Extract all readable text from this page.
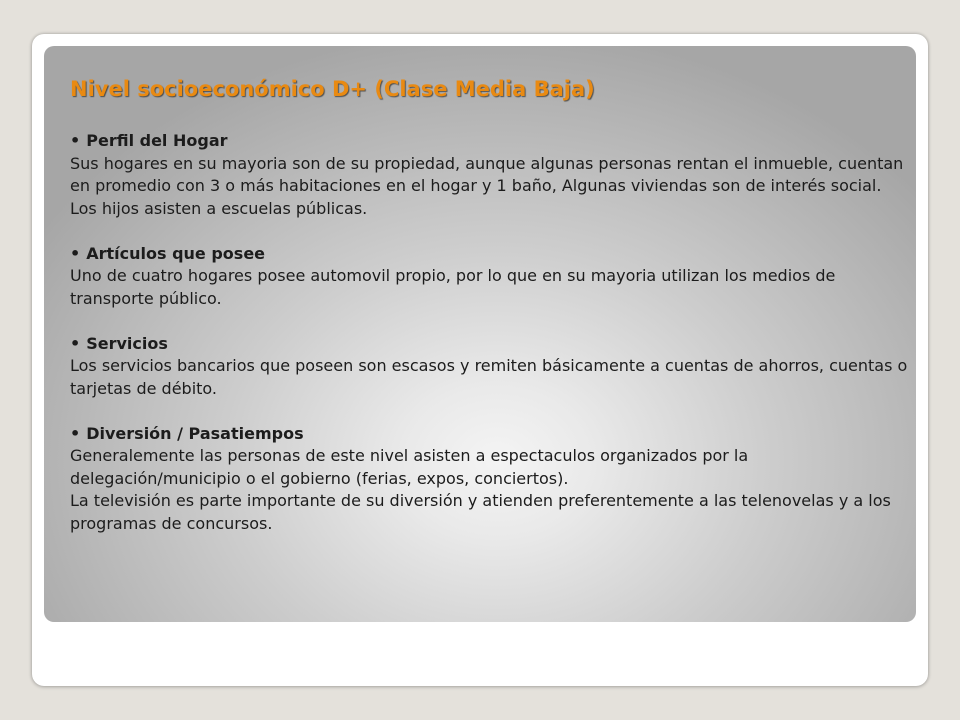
Nivel socioeconómico D+ (Clase Media Baja)
• Perfil del Hogar
Sus hogares en su mayoria son de su propiedad, aunque algunas personas rentan el inmueble, cuentan en promedio con 3 o más habitaciones en el hogar y 1 baño, Algunas viviendas son de interés social.
Los hijos asisten a escuelas públicas.
• Artículos que posee
Uno de cuatro hogares posee automovil propio, por lo que en su mayoria utilizan los medios de transporte público.
• Servicios
Los servicios bancarios que poseen son escasos y remiten básicamente a cuentas de ahorros, cuentas o tarjetas de débito.
• Diversión / Pasatiempos
Generalemente las personas de este nivel asisten a espectaculos organizados por la delegación/municipio o el gobierno (ferias, expos, conciertos).
La televisión es parte importante de su diversión y atienden preferentemente a las telenovelas y a los programas de concursos.
